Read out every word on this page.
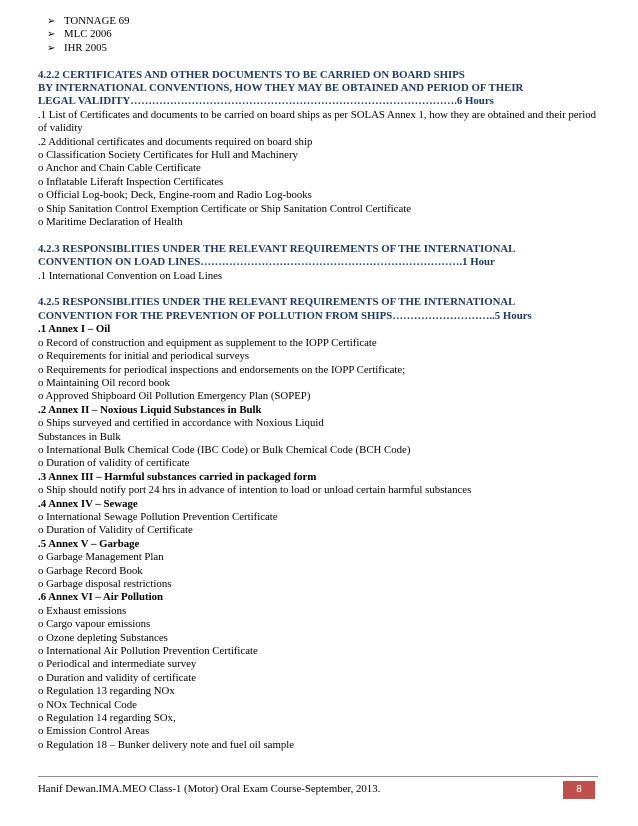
➢ TONNAGE 69
➢ MLC 2006
➢ IHR 2005
4.2.2 CERTIFICATES AND OTHER DOCUMENTS TO BE CARRIED ON BOARD SHIPS
BY INTERNATIONAL CONVENTIONS, HOW THEY MAY BE OBTAINED AND PERIOD OF THEIR
LEGAL VALIDITY……………………………………………………………………………….6 Hours
.1 List of Certificates and documents to be carried on board ships as per SOLAS Annex 1, how they are obtained and their period of validity
.2 Additional certificates and documents required on board ship
o Classification Society Certificates for Hull and Machinery
o Anchor and Chain Cable Certificate
o Inflatable Liferaft Inspection Certificates
o Official Log-book; Deck, Engine-room and Radio Log-books
o Ship Sanitation Control Exemption Certificate or Ship Sanitation Control Certificate
o Maritime Declaration of Health
4.2.3 RESPONSIBLITIES UNDER THE RELEVANT REQUIREMENTS OF THE INTERNATIONAL
CONVENTION ON LOAD LINES……………………………………………………………….1 Hour
.1 International Convention on Load Lines
4.2.5 RESPONSIBLITIES UNDER THE RELEVANT REQUIREMENTS OF THE INTERNATIONAL
CONVENTION FOR THE PREVENTION OF POLLUTION FROM SHIPS………………………..5 Hours
.1 Annex I – Oil
o Record of construction and equipment as supplement to the IOPP Certificate
o Requirements for initial and periodical surveys
o Requirements for periodical inspections and endorsements on the IOPP Certificate;
o Maintaining Oil record book
o Approved Shipboard Oil Pollution Emergency Plan (SOPEP)
.2 Annex II – Noxious Liquid Substances in Bulk
o Ships surveyed and certified in accordance with Noxious Liquid
Substances in Bulk
o International Bulk Chemical Code (IBC Code) or Bulk Chemical Code (BCH Code)
o Duration of validity of certificate
.3 Annex III – Harmful substances carried in packaged form
o Ship should notify port 24 hrs in advance of intention to load or unload certain harmful substances
.4 Annex IV – Sewage
o International Sewage Pollution Prevention Certificate
o Duration of Validity of Certificate
.5 Annex V – Garbage
o Garbage Management Plan
o Garbage Record Book
o Garbage disposal restrictions
.6 Annex VI – Air Pollution
o Exhaust emissions
o Cargo vapour emissions
o Ozone depleting Substances
o International Air Pollution Prevention Certificate
o Periodical and intermediate survey
o Duration and validity of certificate
o Regulation 13 regarding NOx
o NOx Technical Code
o Regulation 14 regarding SOx,
o Emission Control Areas
o Regulation 18 – Bunker delivery note and fuel oil sample
Hanif Dewan.IMA.MEO Class-1 (Motor) Oral Exam Course-September, 2013.	8
